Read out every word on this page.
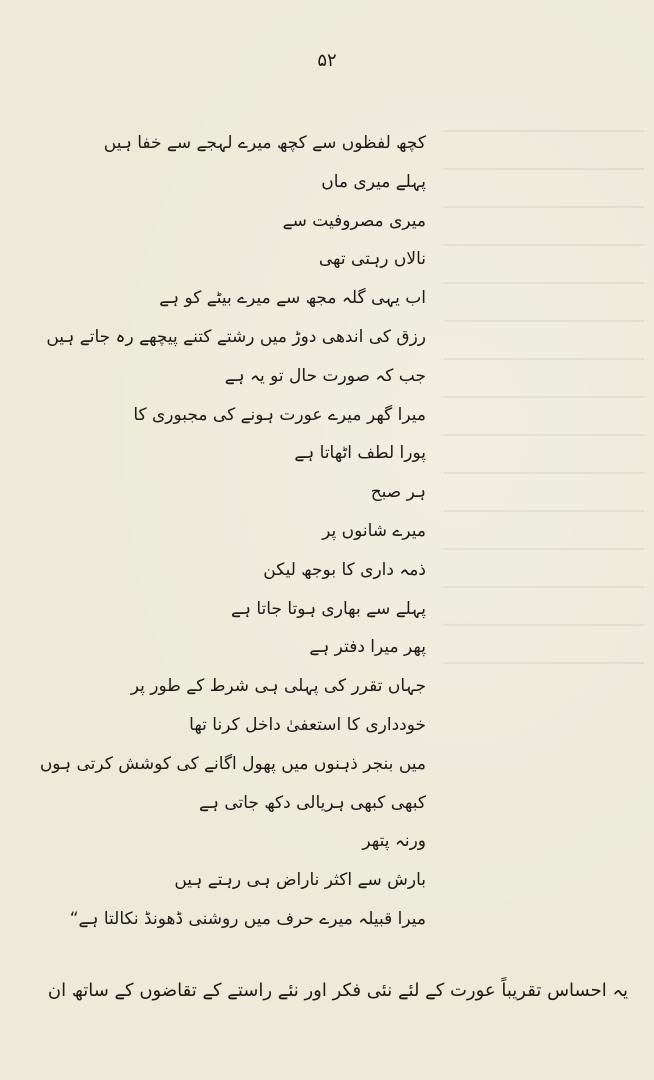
۵۲
کچھ لفظوں سے کچھ میرے لہجے سے خفا ہیں
پہلے میری ماں
میری مصروفیت سے
نالاں رہتی تھی
اب یہی گلہ مجھ سے میرے بیٹے کو ہے
رزق کی اندھی دوڑ میں رشتے کتنے پیچھے رہ جاتے ہیں
جب کہ صورت حال تو یہ ہے
میرا گھر میرے عورت ہونے کی مجبوری کا
پورا لطف اٹھاتا ہے
ہر صبح
میرے شانوں پر
ذمہ داری کا بوجھ لیکن
پہلے سے بھاری ہوتا جاتا ہے
پھر میرا دفتر ہے
جہاں تقرر کی پہلی ہی شرط کے طور پر
خودداری کا استعفیٰ داخل کرنا تھا
میں بنجر ذہنوں میں پھول اگانے کی کوشش کرتی ہوں
کبھی کبھی ہریالی دکھ جاتی ہے
ورنہ پتھر
بارش سے اکثر ناراض ہی رہتے ہیں
میرا قبیلہ میرے حرف میں روشنی ڈھونڈ نکالتا ہے“
یہ احساس تقریباً عورت کے لئے نئی فکر اور نئے راستے کے تقاضوں کے ساتھ ان
